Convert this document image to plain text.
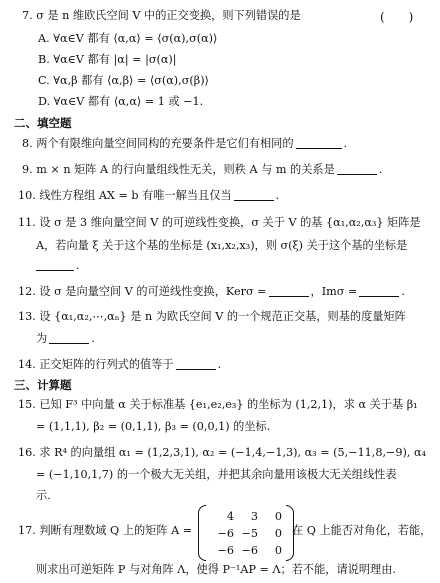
7. σ 是 n 维欧氏空间 V 中的正交变换，则下列错误的是	(　　)
A. ∀α∈V 都有 ⟨α,α⟩ = ⟨σ(α),σ(α)⟩
B. ∀α∈V 都有 |α| = |σ(α)|
C. ∀α,β 都有 ⟨α,β⟩ = ⟨σ(α),σ(β)⟩
D. ∀α∈V 都有 ⟨α,α⟩ = 1 或 −1.
二、填空题
8. 两个有限维向量空间同构的充要条件是它们有相同的	.
9. m × n 矩阵 A 的行向量组线性无关，则秩 A 与 m 的关系是	.
10. 线性方程组 AX = b 有唯一解当且仅当	.
11. 设 σ 是 3 维向量空间 V 的可逆线性变换，σ 关于 V 的基 {α₁,α₂,α₃} 矩阵是
A，若向量 ξ 关于这个基的坐标是 (x₁,x₂,x₃)，则 σ(ξ) 关于这个基的坐标是
.
12. 设 σ 是向量空间 V 的可逆线性变换，Kerσ =	，Imσ =	.
13. 设 {α₁,α₂,⋯,αₙ} 是 n 为欧氏空间 V 的一个规范正交基，则基的度量矩阵
为	.
14. 正交矩阵的行列式的值等于	.
三、计算题
15. 已知 F³ 中向量 α 关于标准基 {e₁,e₂,e₃} 的坐标为 (1,2,1)，求 α 关于基 β₁
= (1,1,1), β₂ = (0,1,1), β₃ = (0,0,1) 的坐标.
16. 求 R⁴ 的向量组 α₁ = (1,2,3,1), α₂ = (−1,4,−1,3), α₃ = (5,−11,8,−9), α₄
= (−1,10,1,7) 的一个极大无关组，并把其余向量用该极大无关组线性表
示.
17. 判断有理数域 Q 上的矩阵 A =
4	3	0
−6 −5	0
−6 −6	0
在 Q 上能否对角化，若能，
则求出可逆矩阵 P 与对角阵 Λ，使得 P⁻¹AP = Λ；若不能，请说明理由.
